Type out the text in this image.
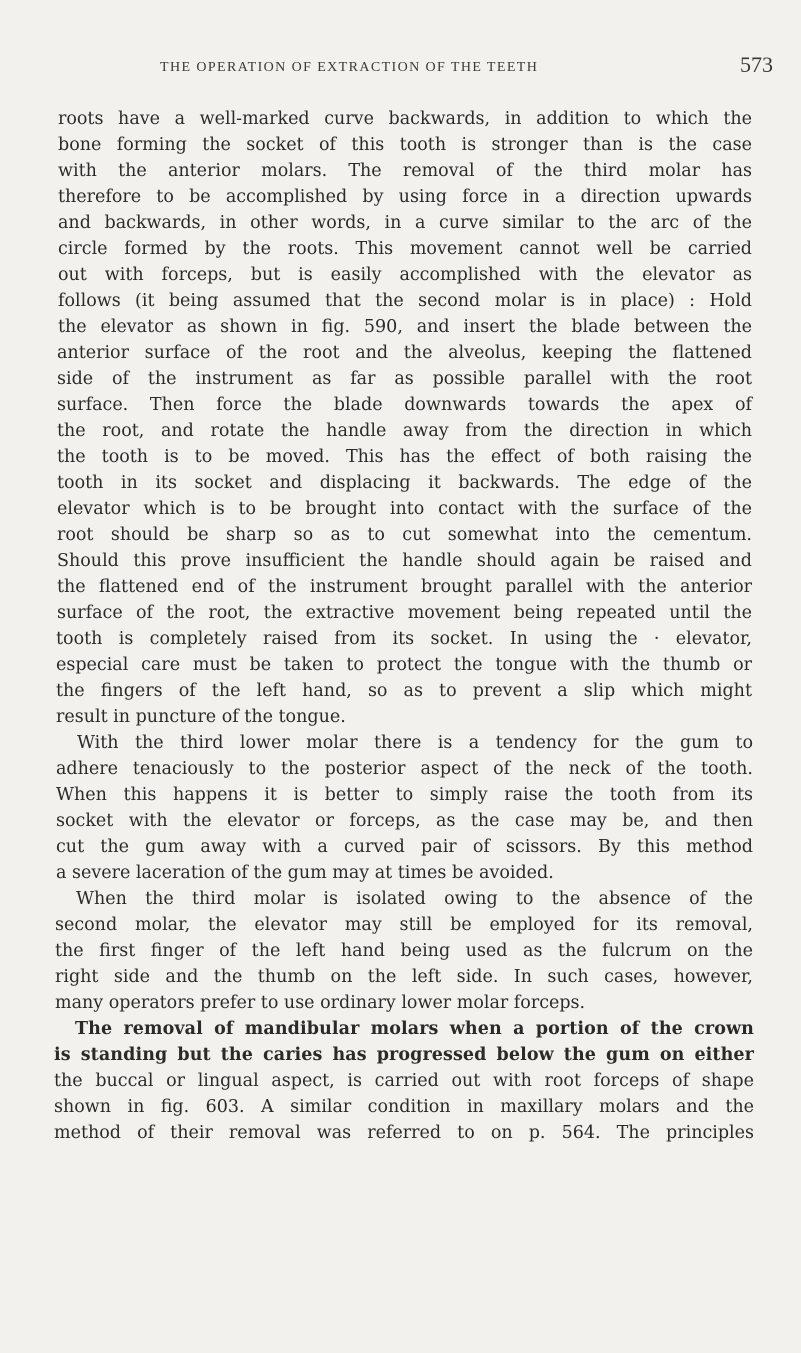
THE OPERATION OF EXTRACTION OF THE TEETH	573
roots have a well-marked curve backwards, in addition to which the
bone forming the socket of this tooth is stronger than is the case
with the anterior molars. The removal of the third molar has
therefore to be accomplished by using force in a direction upwards
and backwards, in other words, in a curve similar to the arc of the
circle formed by the roots. This movement cannot well be carried
out with forceps, but is easily accomplished with the elevator as
follows (it being assumed that the second molar is in place) : Hold
the elevator as shown in fig. 590, and insert the blade between the
anterior surface of the root and the alveolus, keeping the flattened
side of the instrument as far as possible parallel with the root
surface. Then force the blade downwards towards the apex of
the root, and rotate the handle away from the direction in which
the tooth is to be moved. This has the effect of both raising the
tooth in its socket and displacing it backwards. The edge of the
elevator which is to be brought into contact with the surface of the
root should be sharp so as to cut somewhat into the cementum.
Should this prove insufficient the handle should again be raised and
the flattened end of the instrument brought parallel with the anterior
surface of the root, the extractive movement being repeated until the
tooth is completely raised from its socket. In using the · elevator,
especial care must be taken to protect the tongue with the thumb or
the fingers of the left hand, so as to prevent a slip which might
result in puncture of the tongue.
With the third lower molar there is a tendency for the gum to
adhere tenaciously to the posterior aspect of the neck of the tooth.
When this happens it is better to simply raise the tooth from its
socket with the elevator or forceps, as the case may be, and then
cut the gum away with a curved pair of scissors. By this method
a severe laceration of the gum may at times be avoided.
When the third molar is isolated owing to the absence of the
second molar, the elevator may still be employed for its removal,
the first finger of the left hand being used as the fulcrum on the
right side and the thumb on the left side. In such cases, however,
many operators prefer to use ordinary lower molar forceps.
The removal of mandibular molars when a portion of the crown
is standing but the caries has progressed below the gum on either
the buccal or lingual aspect, is carried out with root forceps of shape
shown in fig. 603. A similar condition in maxillary molars and the
method of their removal was referred to on p. 564. The principles
